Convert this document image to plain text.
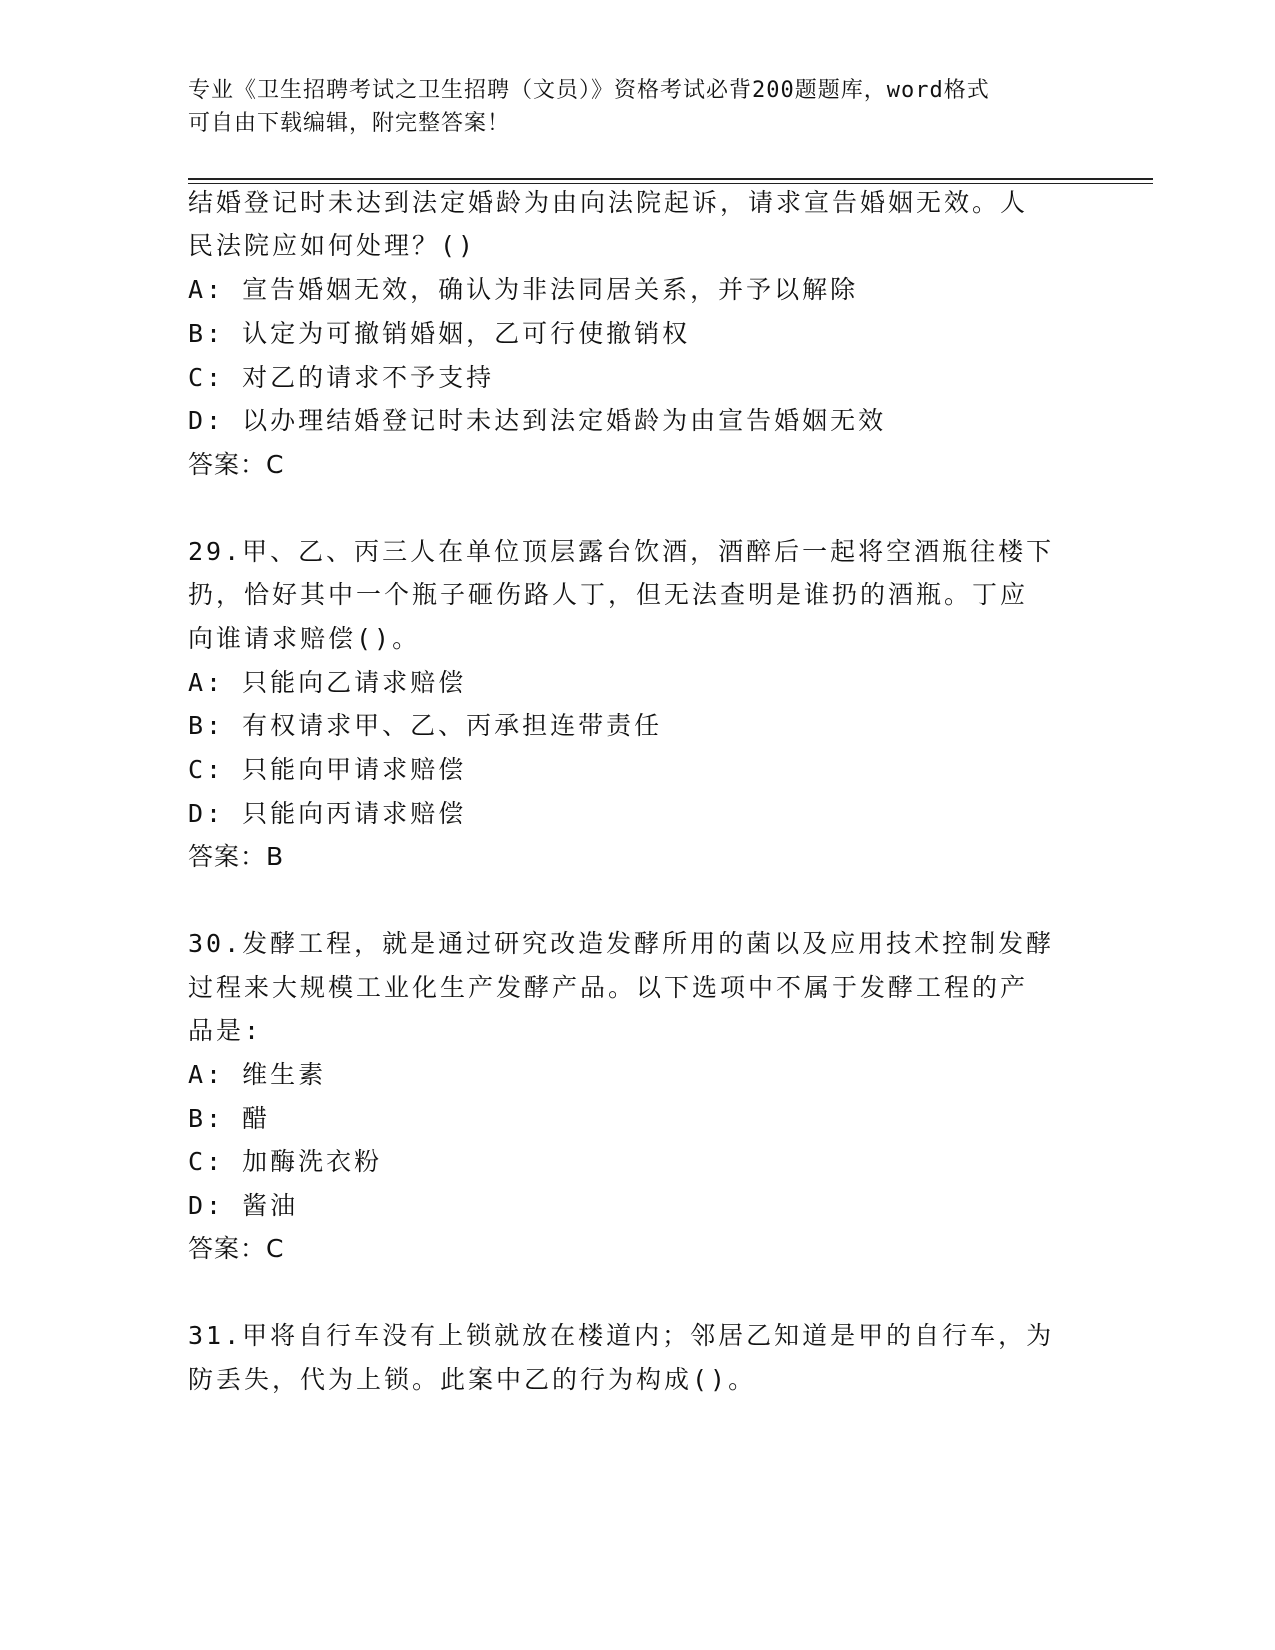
专业《卫生招聘考试之卫生招聘（文员）》资格考试必背200题题库，word格式
可自由下载编辑，附完整答案！
结婚登记时未达到法定婚龄为由向法院起诉，请求宣告婚姻无效。人
民法院应如何处理？()
A: 宣告婚姻无效，确认为非法同居关系，并予以解除
B: 认定为可撤销婚姻，乙可行使撤销权
C: 对乙的请求不予支持
D: 以办理结婚登记时未达到法定婚龄为由宣告婚姻无效
答案：C
29.甲、乙、丙三人在单位顶层露台饮酒，酒醉后一起将空酒瓶往楼下
扔，恰好其中一个瓶子砸伤路人丁，但无法查明是谁扔的酒瓶。丁应
向谁请求赔偿()。
A: 只能向乙请求赔偿
B: 有权请求甲、乙、丙承担连带责任
C: 只能向甲请求赔偿
D: 只能向丙请求赔偿
答案：B
30.发酵工程，就是通过研究改造发酵所用的菌以及应用技术控制发酵
过程来大规模工业化生产发酵产品。以下选项中不属于发酵工程的产
品是:
A: 维生素
B: 醋
C: 加酶洗衣粉
D: 酱油
答案：C
31.甲将自行车没有上锁就放在楼道内；邻居乙知道是甲的自行车，为
防丢失，代为上锁。此案中乙的行为构成()。
